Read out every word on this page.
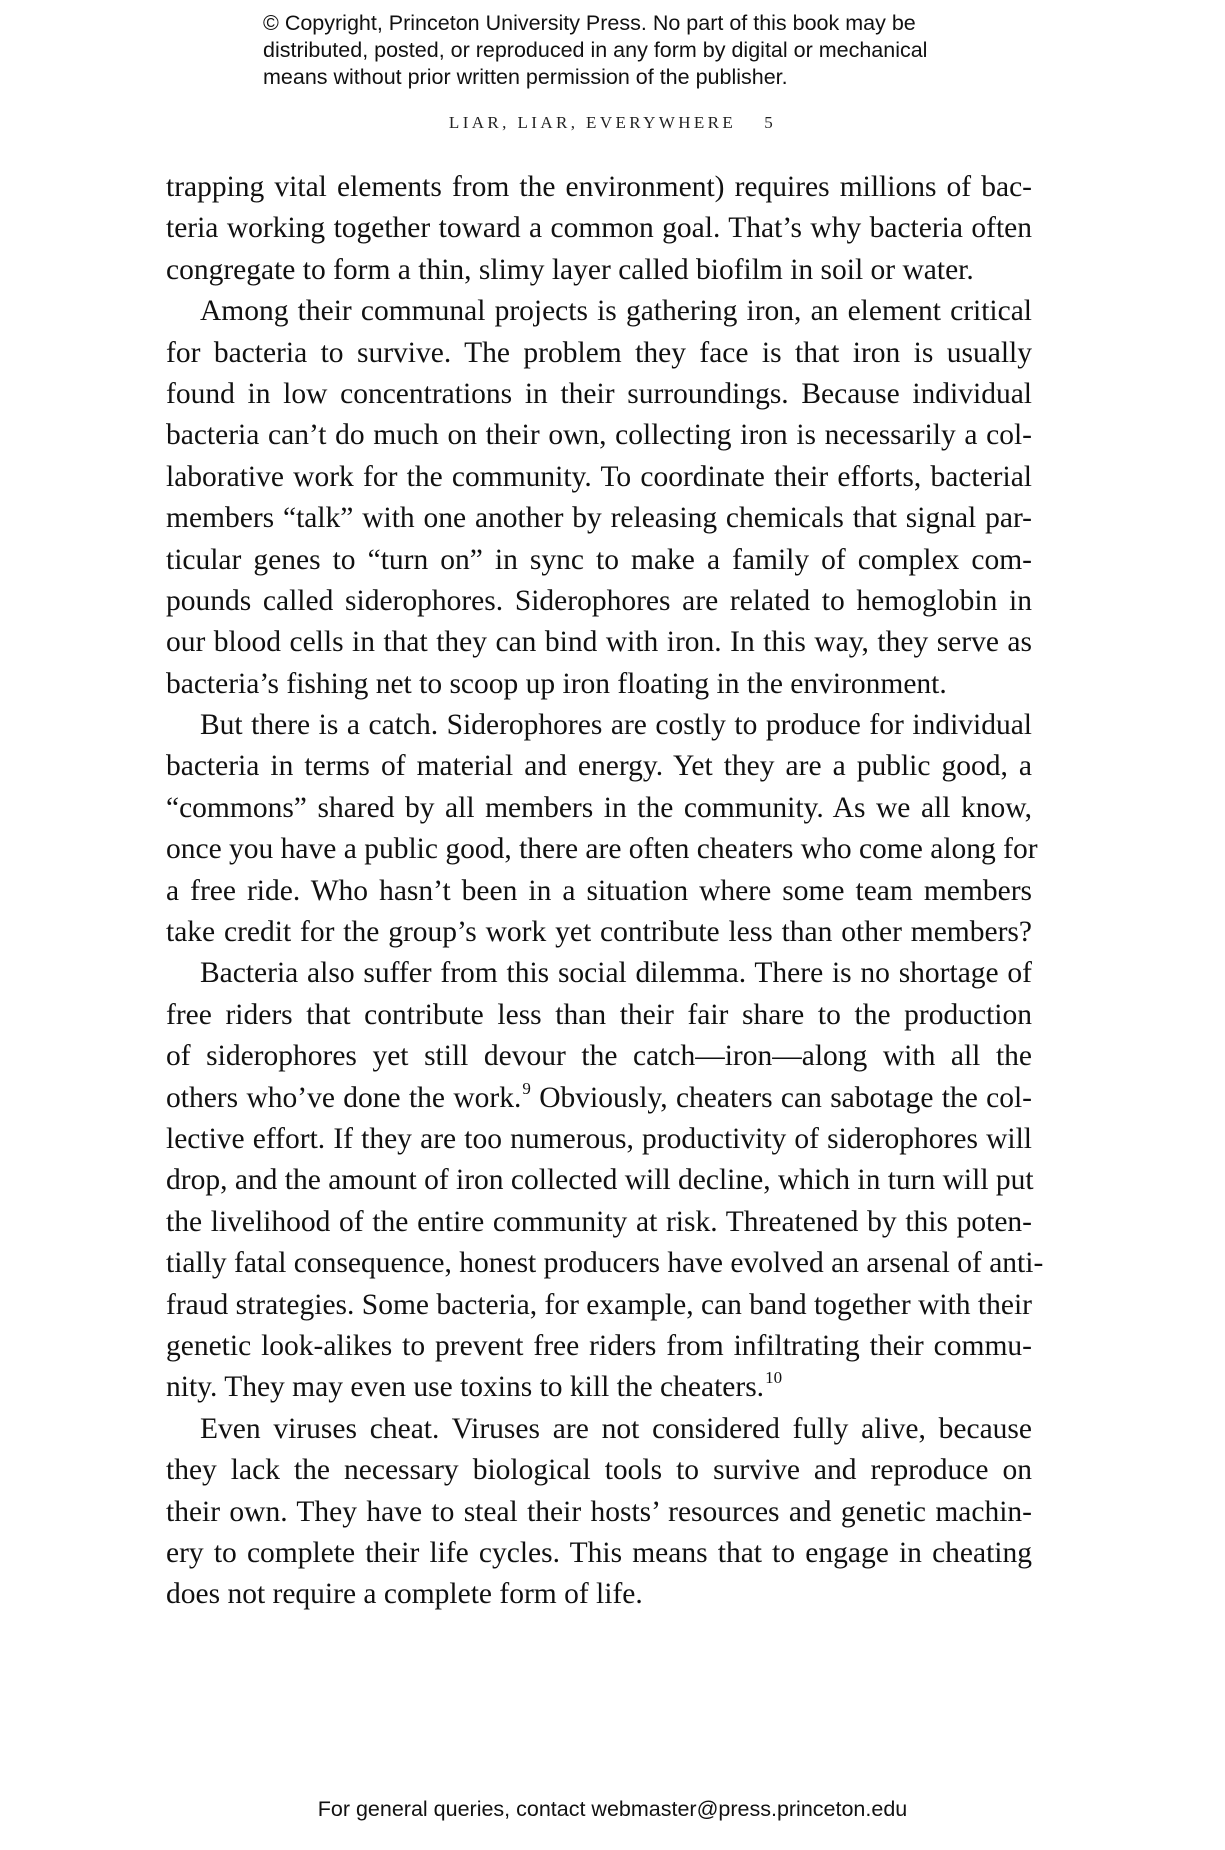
© Copyright, Princeton University Press. No part of this book may be
distributed, posted, or reproduced in any form by digital or mechanical
means without prior written permission of the publisher.
LIAR, LIAR, EVERYWHERE 5
trapping vital elements from the environment) requires millions of bac-
teria working together toward a common goal. That’s why bacteria often
congregate to form a thin, slimy layer called biofilm in soil or water.
Among their communal projects is gathering iron, an element critical
for bacteria to survive. The problem they face is that iron is usually
found in low concentrations in their surroundings. Because individual
bacteria can’t do much on their own, collecting iron is necessarily a col-
laborative work for the community. To coordinate their efforts, bacterial
members “talk” with one another by releasing chemicals that signal par-
ticular genes to “turn on” in sync to make a family of complex com-
pounds called siderophores. Siderophores are related to hemoglobin in
our blood cells in that they can bind with iron. In this way, they serve as
bacteria’s fishing net to scoop up iron floating in the environment.
But there is a catch. Siderophores are costly to produce for individual
bacteria in terms of material and energy. Yet they are a public good, a
“commons” shared by all members in the community. As we all know,
once you have a public good, there are often cheaters who come along for
a free ride. Who hasn’t been in a situation where some team members
take credit for the group’s work yet contribute less than other members?
Bacteria also suffer from this social dilemma. There is no shortage of
free riders that contribute less than their fair share to the production
of siderophores yet still devour the catch—iron—along with all the
others who’ve done the work.$^9$ Obviously, cheaters can sabotage the col-
lective effort. If they are too numerous, productivity of siderophores will
drop, and the amount of iron collected will decline, which in turn will put
the livelihood of the entire community at risk. Threatened by this poten-
tially fatal consequence, honest producers have evolved an arsenal of anti-
fraud strategies. Some bacteria, for example, can band together with their
genetic look-alikes to prevent free riders from infiltrating their commu-
nity. They may even use toxins to kill the cheaters.$^{10}$
Even viruses cheat. Viruses are not considered fully alive, because
they lack the necessary biological tools to survive and reproduce on
their own. They have to steal their hosts’ resources and genetic machin-
ery to complete their life cycles. This means that to engage in cheating
does not require a complete form of life.
For general queries, contact webmaster@press.princeton.edu
